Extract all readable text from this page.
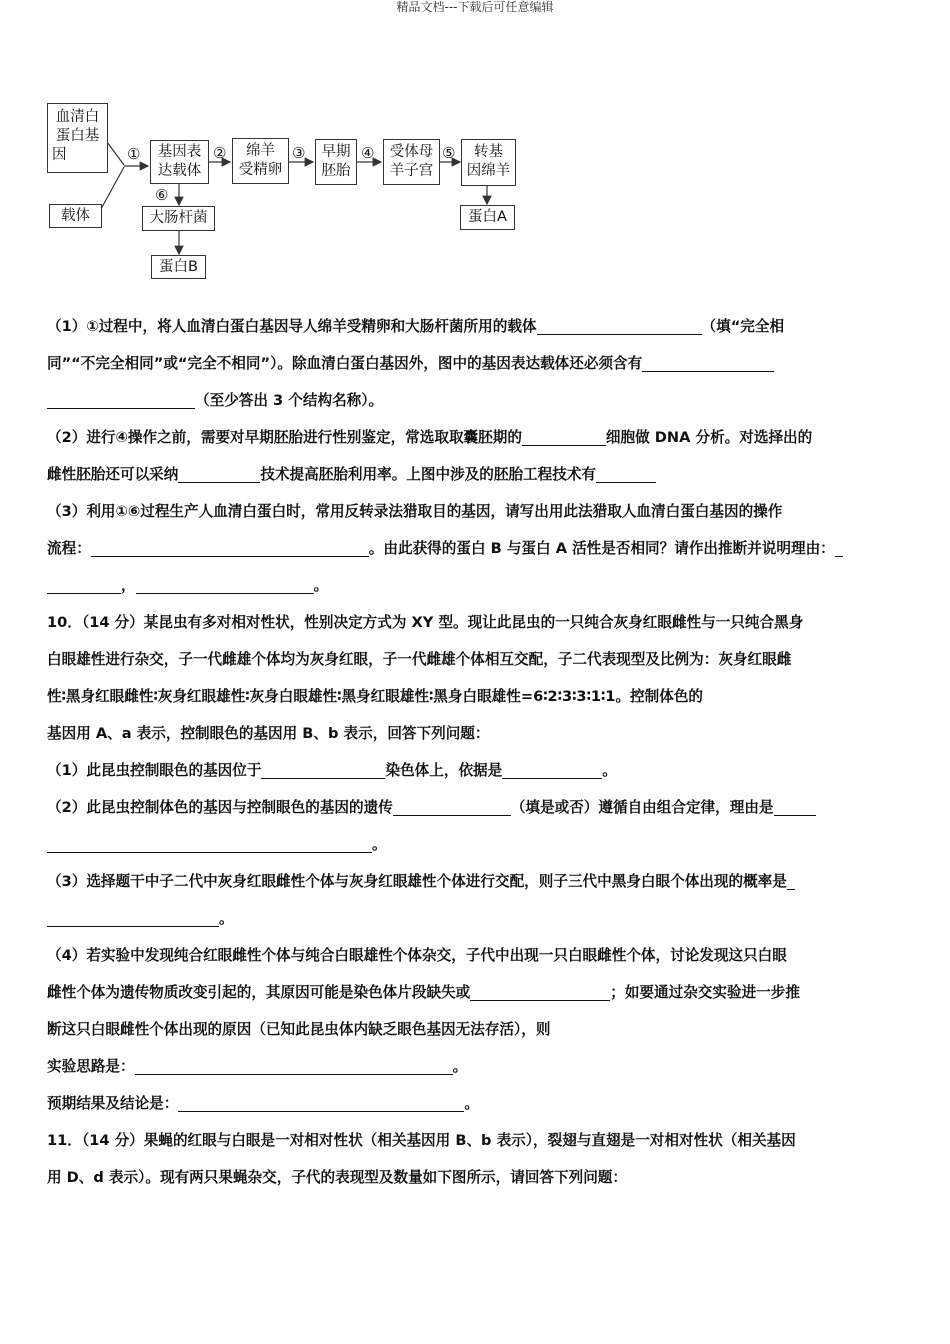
精品文档---下载后可任意编辑
血清白
蛋白基
因
载体
基因表
达载体
绵羊
受精卵
早期
胚胎
受体母
羊子宫
转基
因绵羊
大肠杆菌	蛋白A
蛋白B
①	②	③	④	⑤
⑥

（1）①过程中，将人血清白蛋白基因导人绵羊受精卵和大肠杆菌所用的载体	（填“完全相

同”“不完全相同”或“完全不相同”）。除血清白蛋白基因外，图中的基因表达载体还必须含有

（至少答出 3 个结构名称）。

（2）进行④操作之前，需要对早期胚胎进行性别鉴定，常选取取囊胚期的	细胞做 DNA 分析。对选择出的

雌性胚胎还可以采纳	技术提高胚胎利用率。上图中涉及的胚胎工程技术有

（3）利用①⑥过程生产人血清白蛋白时，常用反转录法猎取目的基因，请写出用此法猎取人血清白蛋白基因的操作

流程：	。由此获得的蛋白 B 与蛋白 A 活性是否相同？请作出推断并说明理由：

，	。

10．（14 分）某昆虫有多对相对性状，性别决定方式为 XY 型。现让此昆虫的一只纯合灰身红眼雌性与一只纯合黑身

白眼雄性进行杂交，子一代雌雄个体均为灰身红眼，子一代雌雄个体相互交配，子二代表现型及比例为：灰身红眼雌

性∶黑身红眼雌性∶灰身红眼雄性∶灰身白眼雄性∶黑身红眼雄性∶黑身白眼雄性=6∶2∶3∶3∶1∶1。控制体色的

基因用 A、a 表示，控制眼色的基因用 B、b 表示，回答下列问题：

（1）此昆虫控制眼色的基因位于	染色体上，依据是	。

（2）此昆虫控制体色的基因与控制眼色的基因的遗传	（填是或否）遵循自由组合定律，理由是

。

（3）选择题干中子二代中灰身红眼雌性个体与灰身红眼雄性个体进行交配，则子三代中黑身白眼个体出现的概率是

。

（4）若实验中发现纯合红眼雌性个体与纯合白眼雄性个体杂交，子代中出现一只白眼雌性个体，讨论发现这只白眼

雌性个体为遗传物质改变引起的，其原因可能是染色体片段缺失或	；如要通过杂交实验进一步推

断这只白眼雌性个体出现的原因（已知此昆虫体内缺乏眼色基因无法存活），则

实验思路是：	。

预期结果及结论是：	。

11．（14 分）果蝇的红眼与白眼是一对相对性状（相关基因用 B、b 表示），裂翅与直翅是一对相对性状（相关基因

用 D、d 表示）。现有两只果蝇杂交，子代的表现型及数量如下图所示，请回答下列问题：
